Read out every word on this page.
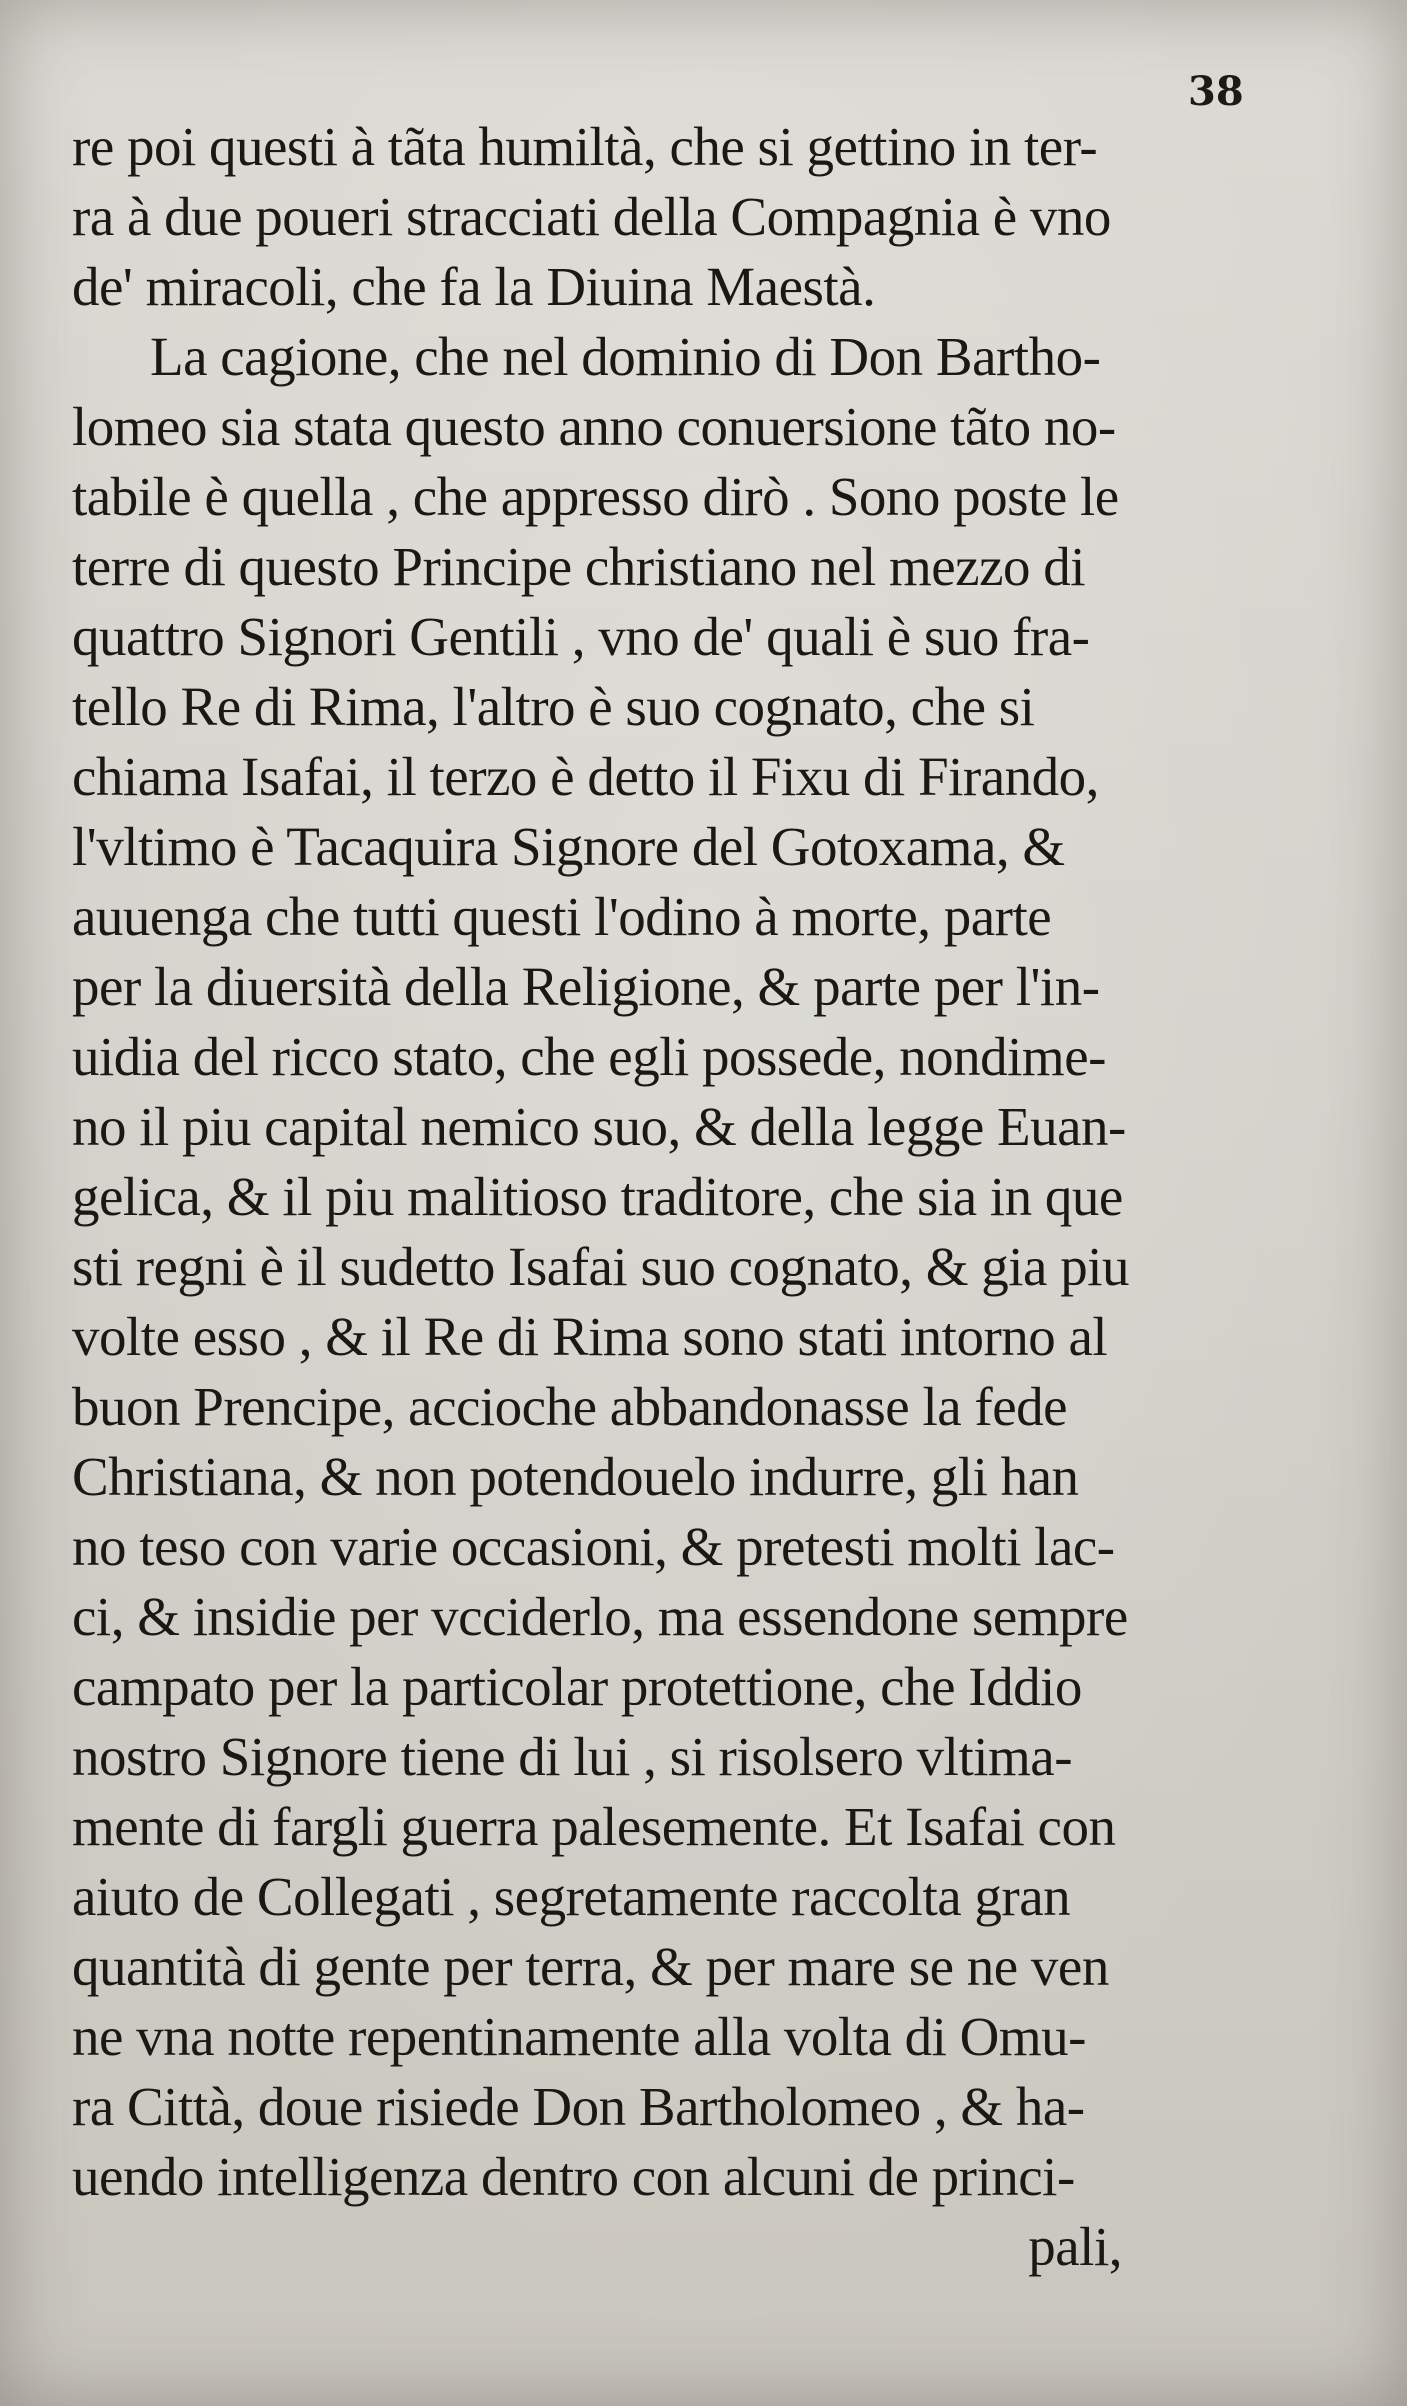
38
re poi questi à tãta humiltà, che si gettino in ter-
ra à due poueri stracciati della Compagnia è vno
de' miracoli, che fa la Diuina Maestà.
La cagione, che nel dominio di Don Bartho-
lomeo sia stata questo anno conuersione tãto no-
tabile è quella , che appresso dirò . Sono poste le
terre di questo Principe christiano nel mezzo di
quattro Signori Gentili , vno de' quali è suo fra-
tello Re di Rima, l'altro è suo cognato, che si
chiama Isafai, il terzo è detto il Fixu di Firando,
l'vltimo è Tacaquira Signore del Gotoxama, &
auuenga che tutti questi l'odino à morte, parte
per la diuersità della Religione, & parte per l'in-
uidia del ricco stato, che egli possede, nondime-
no il piu capital nemico suo, & della legge Euan-
gelica, & il piu malitioso traditore, che sia in que
sti regni è il sudetto Isafai suo cognato, & gia piu
volte esso , & il Re di Rima sono stati intorno al
buon Prencipe, accioche abbandonasse la fede
Christiana, & non potendouelo indurre, gli han
no teso con varie occasioni, & pretesti molti lac-
ci, & insidie per vcciderlo, ma essendone sempre
campato per la particolar protettione, che Iddio
nostro Signore tiene di lui , si risolsero vltima-
mente di fargli guerra palesemente. Et Isafai con
aiuto de Collegati , segretamente raccolta gran
quantità di gente per terra, & per mare se ne ven
ne vna notte repentinamente alla volta di Omu-
ra Città, doue risiede Don Bartholomeo , & ha-
uendo intelligenza dentro con alcuni de princi-
pali,
